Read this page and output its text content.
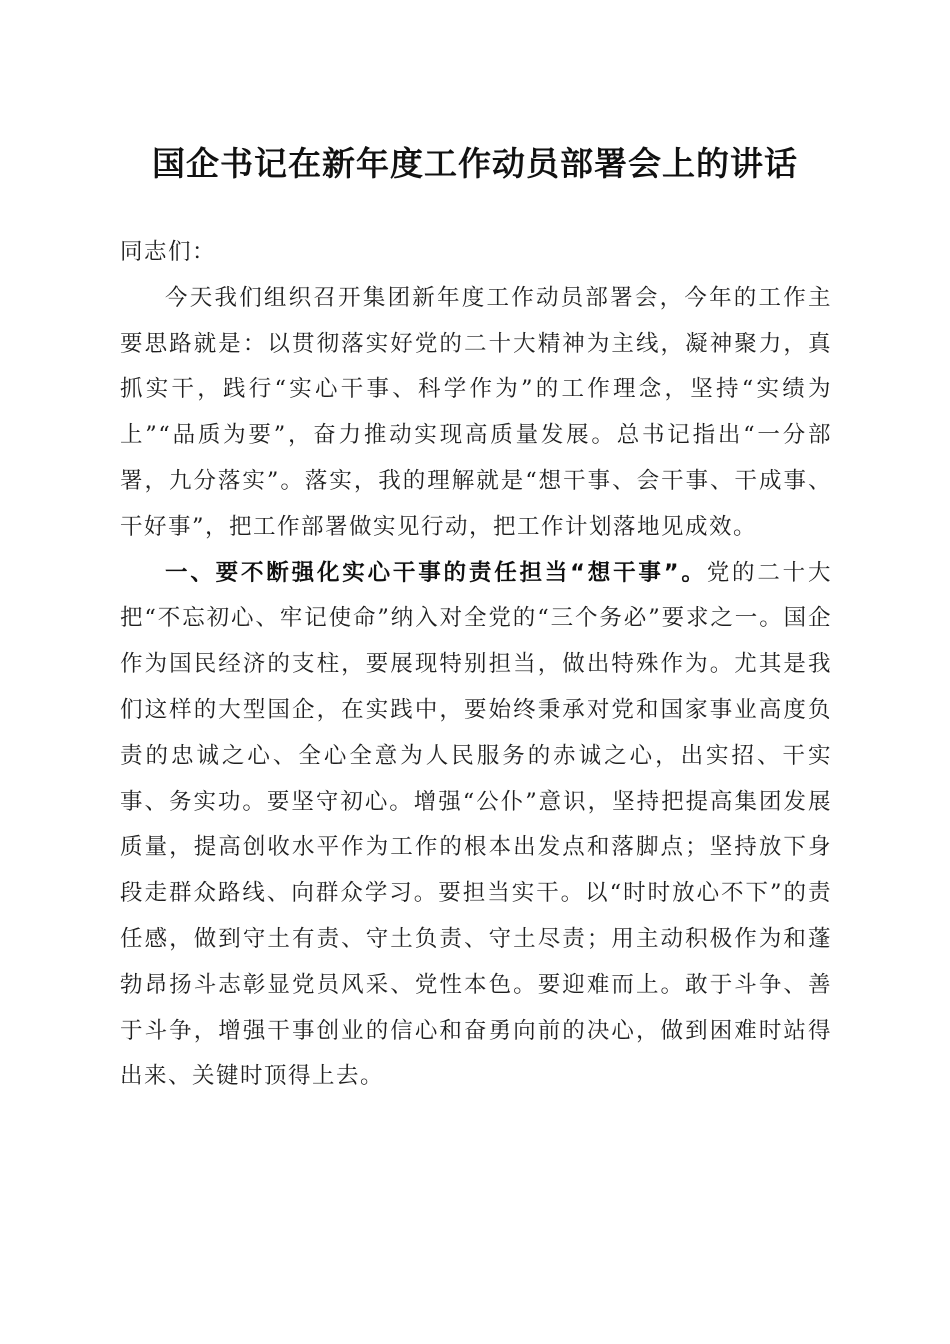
国企书记在新年度工作动员部署会上的讲话

同志们：

今天我们组织召开集团新年度工作动员部署会，今年的工作主要思路就是：以贯彻落实好党的二十大精神为主线，凝神聚力，真抓实干，践行“实心干事、科学作为”的工作理念，坚持“实绩为上”“品质为要”，奋力推动实现高质量发展。总书记指出“一分部署，九分落实”。落实，我的理解就是“想干事、会干事、干成事、干好事”，把工作部署做实见行动，把工作计划落地见成效。

一、要不断强化实心干事的责任担当“想干事”。党的二十大把“不忘初心、牢记使命”纳入对全党的“三个务必”要求之一。国企作为国民经济的支柱，要展现特别担当，做出特殊作为。尤其是我们这样的大型国企，在实践中，要始终秉承对党和国家事业高度负责的忠诚之心、全心全意为人民服务的赤诚之心，出实招、干实事、务实功。要坚守初心。增强“公仆”意识，坚持把提高集团发展质量，提高创收水平作为工作的根本出发点和落脚点；坚持放下身段走群众路线、向群众学习。要担当实干。以“时时放心不下”的责任感，做到守土有责、守土负责、守土尽责；用主动积极作为和蓬勃昂扬斗志彰显党员风采、党性本色。要迎难而上。敢于斗争、善于斗争，增强干事创业的信心和奋勇向前的决心，做到困难时站得出来、关键时顶得上去。
